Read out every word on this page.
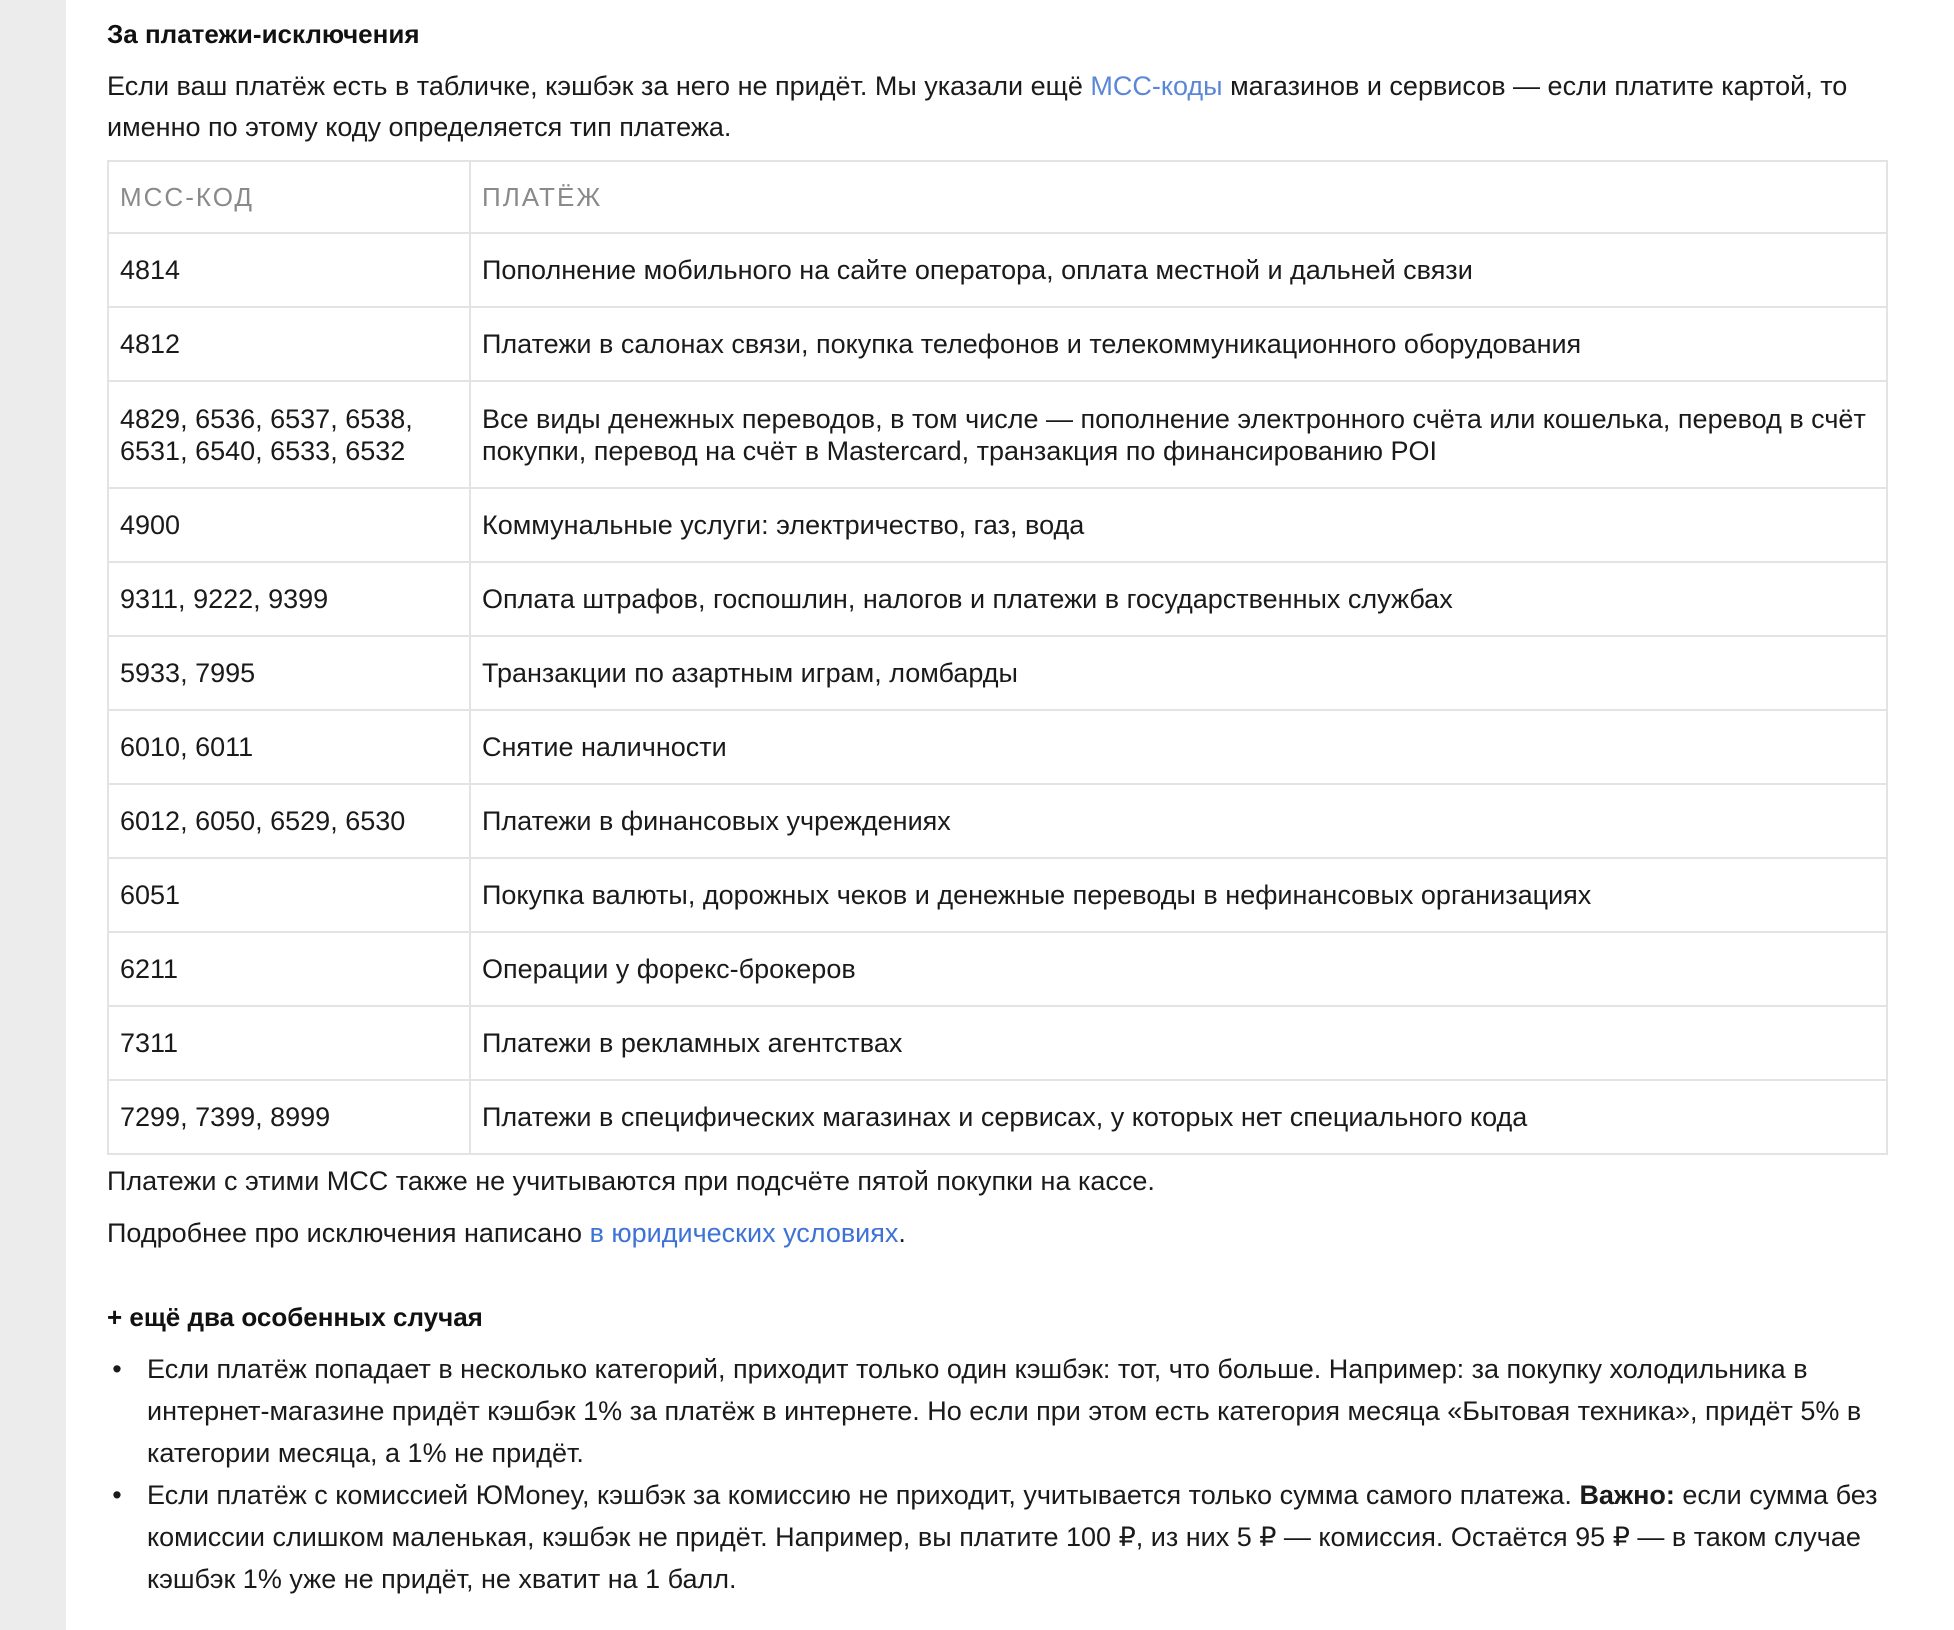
За платежи-исключения
Если ваш платёж есть в табличке, кэшбэк за него не придёт. Мы указали ещё MCC-коды магазинов и сервисов — если платите картой, то именно по этому коду определяется тип платежа.
MCC-КОД	ПЛАТЁЖ
4814	Пополнение мобильного на сайте оператора, оплата местной и дальней связи
4812	Платежи в салонах связи, покупка телефонов и телекоммуникационного оборудования
4829, 6536, 6537, 6538, 6531, 6540, 6533, 6532	Все виды денежных переводов, в том числе — пополнение электронного счёта или кошелька, перевод в счёт покупки, перевод на счёт в Mastercard, транзакция по финансированию POI
4900	Коммунальные услуги: электричество, газ, вода
9311, 9222, 9399	Оплата штрафов, госпошлин, налогов и платежи в государственных службах
5933, 7995	Транзакции по азартным играм, ломбарды
6010, 6011	Снятие наличности
6012, 6050, 6529, 6530	Платежи в финансовых учреждениях
6051	Покупка валюты, дорожных чеков и денежные переводы в нефинансовых организациях
6211	Операции у форекс-брокеров
7311	Платежи в рекламных агентствах
7299, 7399, 8999	Платежи в специфических магазинах и сервисах, у которых нет специального кода
Платежи с этими MCC также не учитываются при подсчёте пятой покупки на кассе.
Подробнее про исключения написано в юридических условиях.
+ ещё два особенных случая
• Если платёж попадает в несколько категорий, приходит только один кэшбэк: тот, что больше. Например: за покупку холодильника в интернет-магазине придёт кэшбэк 1% за платёж в интернете. Но если при этом есть категория месяца «Бытовая техника», придёт 5% в категории месяца, а 1% не придёт.
• Если платёж с комиссией ЮMoney, кэшбэк за комиссию не приходит, учитывается только сумма самого платежа. Важно: если сумма без комиссии слишком маленькая, кэшбэк не придёт. Например, вы платите 100 ₽, из них 5 ₽ — комиссия. Остаётся 95 ₽ — в таком случае кэшбэк 1% уже не придёт, не хватит на 1 балл.
